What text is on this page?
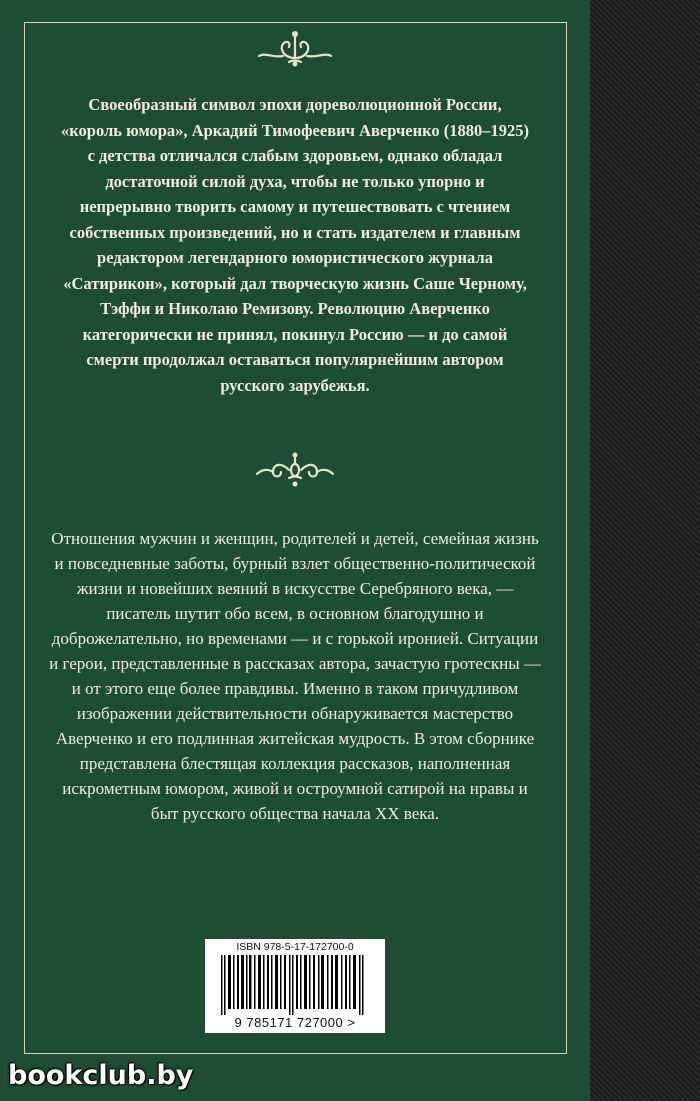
Своеобразный символ эпохи дореволюционной России, «король юмора», Аркадий Тимофеевич Аверченко (1880–1925) с детства отличался слабым здоровьем, однако обладал достаточной силой духа, чтобы не только упорно и непрерывно творить самому и путешествовать с чтением собственных произведений, но и стать издателем и главным редактором легендарного юмористического журнала «Сатирикон», который дал творческую жизнь Саше Черному, Тэффи и Николаю Ремизову. Революцию Аверченко категорически не принял, покинул Россию — и до самой смерти продолжал оставаться популярнейшим автором русского зарубежья.

Отношения мужчин и женщин, родителей и детей, семейная жизнь и повседневные заботы, бурный взлет общественно-политической жизни и новейших веяний в искусстве Серебряного века, — писатель шутит обо всем, в основном благодушно и доброжелательно, но временами — и с горькой иронией. Ситуации и герои, представленные в рассказах автора, зачастую гротескны — и от этого еще более правдивы. Именно в таком причудливом изображении действительности обнаруживается мастерство Аверченко и его подлинная житейская мудрость. В этом сборнике представлена блестящая коллекция рассказов, наполненная искрометным юмором, живой и остроумной сатирой на нравы и быт русского общества начала XX века.

ISBN 978-5-17-172700-0
9 785171 727000 >
bookclub.by
